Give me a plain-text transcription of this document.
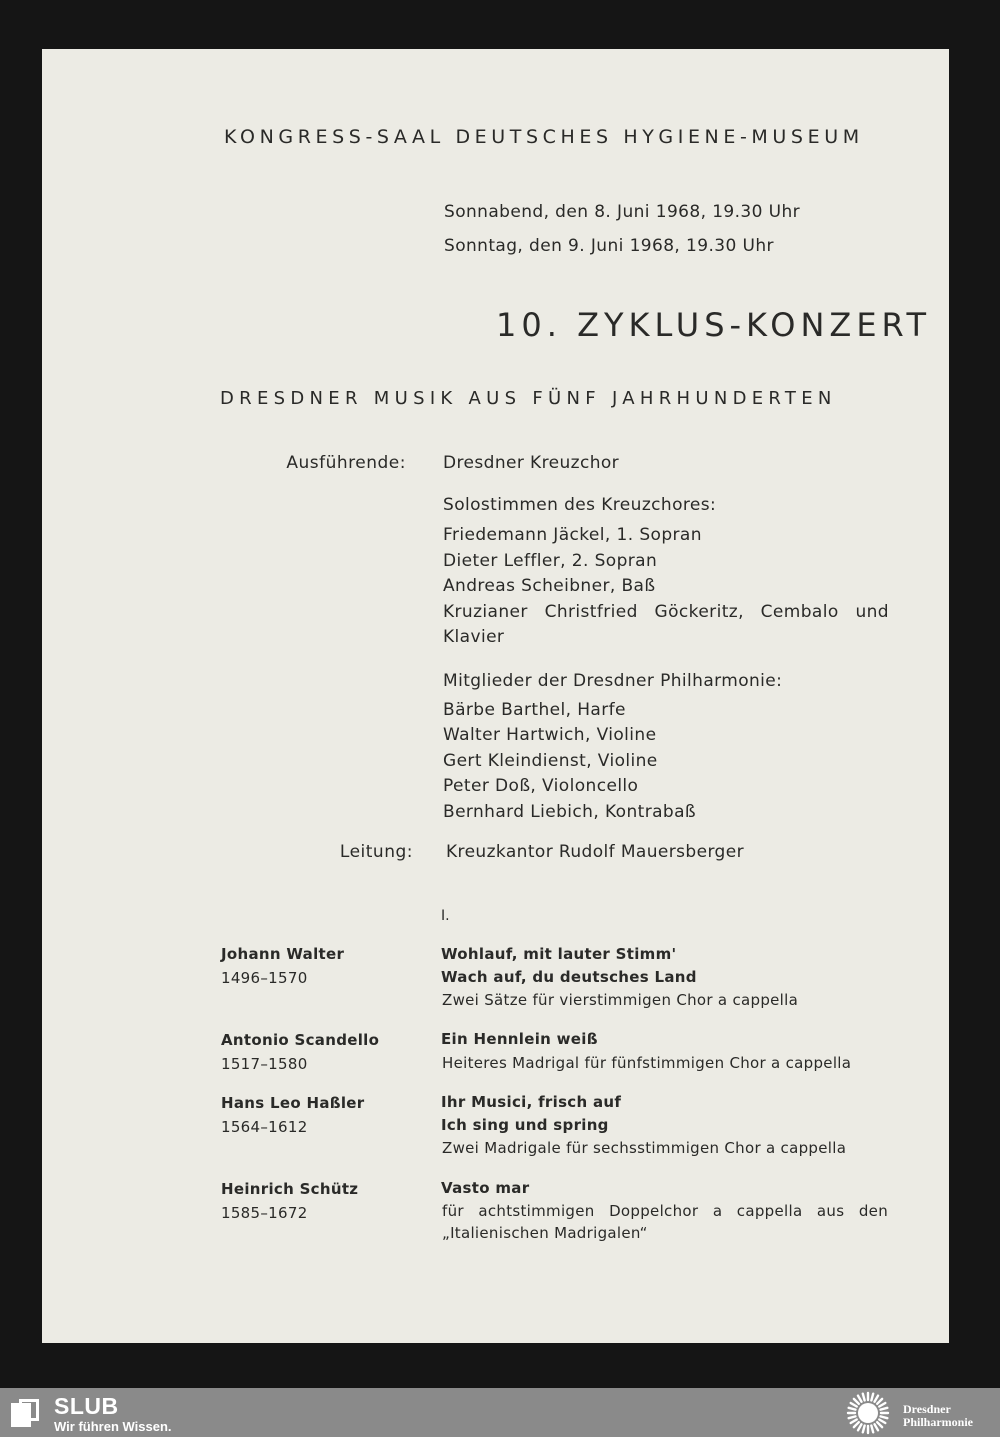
KONGRESS-SAAL DEUTSCHES HYGIENE-MUSEUM
Sonnabend, den 8. Juni 1968, 19.30 Uhr
Sonntag, den 9. Juni 1968, 19.30 Uhr
10. ZYKLUS-KONZERT
DRESDNER MUSIK AUS FÜNF JAHRHUNDERTEN
Ausführende: Dresdner Kreuzchor
Solostimmen des Kreuzchores:
Friedemann Jäckel, 1. Sopran
Dieter Leffler, 2. Sopran
Andreas Scheibner, Baß
Kruzianer Christfried Göckeritz, Cembalo und Klavier
Mitglieder der Dresdner Philharmonie:
Bärbe Barthel, Harfe
Walter Hartwich, Violine
Gert Kleindienst, Violine
Peter Doß, Violoncello
Bernhard Liebich, Kontrabaß
Leitung: Kreuzkantor Rudolf Mauersberger
I.
Johann Walter
1496–1570
Wohlauf, mit lauter Stimm'
Wach auf, du deutsches Land
Zwei Sätze für vierstimmigen Chor a cappella
Antonio Scandello
1517–1580
Ein Hennlein weiß
Heiteres Madrigal für fünfstimmigen Chor a cappella
Hans Leo Haßler
1564–1612
Ihr Musici, frisch auf
Ich sing und spring
Zwei Madrigale für sechsstimmigen Chor a cappella
Heinrich Schütz
1585–1672
Vasto mar
für achtstimmigen Doppelchor a cappella aus den „Italienischen Madrigalen“
SLUB
Wir führen Wissen.
Dresdner
Philharmonie
